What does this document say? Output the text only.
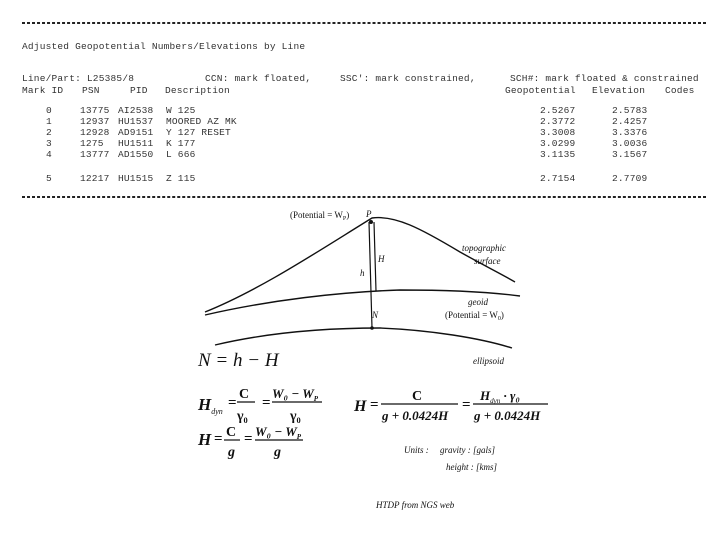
Adjusted Geopotential Numbers/Elevations by Line
Line/Part: L25385/8	CCN: mark floated,	SSC': mark constrained,	SCH#: mark floated & constrained
Mark ID PSN	PID Description	Geopotential Elevation Codes
0	13775 AI2538 W 125	2.5267	2.5783
1	12937 HU1537 MOORED AZ MK	2.3772	2.4257
2	12928 AD9151 Y 127 RESET	3.3008	3.3376
3	1275 HU1511 K 177	3.0299	3.0036
4	13777 AD1550 L 666	3.1135	3.1567
5	12217 HU1515 Z 115	2.7154	2.7709
(Potential = $W_P$) P
H
h
N
topographic
surface
geoid
(Potential = $W_0$)
ellipsoid
N = h − H
$H_{dyn}$
=
C
γ₀
=
$W_0 - W_P$
γ₀
H = C
g
= $W_0 - W_P$
g
H =
C
g + 0.0424H
=
$H_{dyn} \cdot \gamma_0$
g + 0.0424H
Units : gravity : [gals]
height : [kms]
HTDP from NGS web
